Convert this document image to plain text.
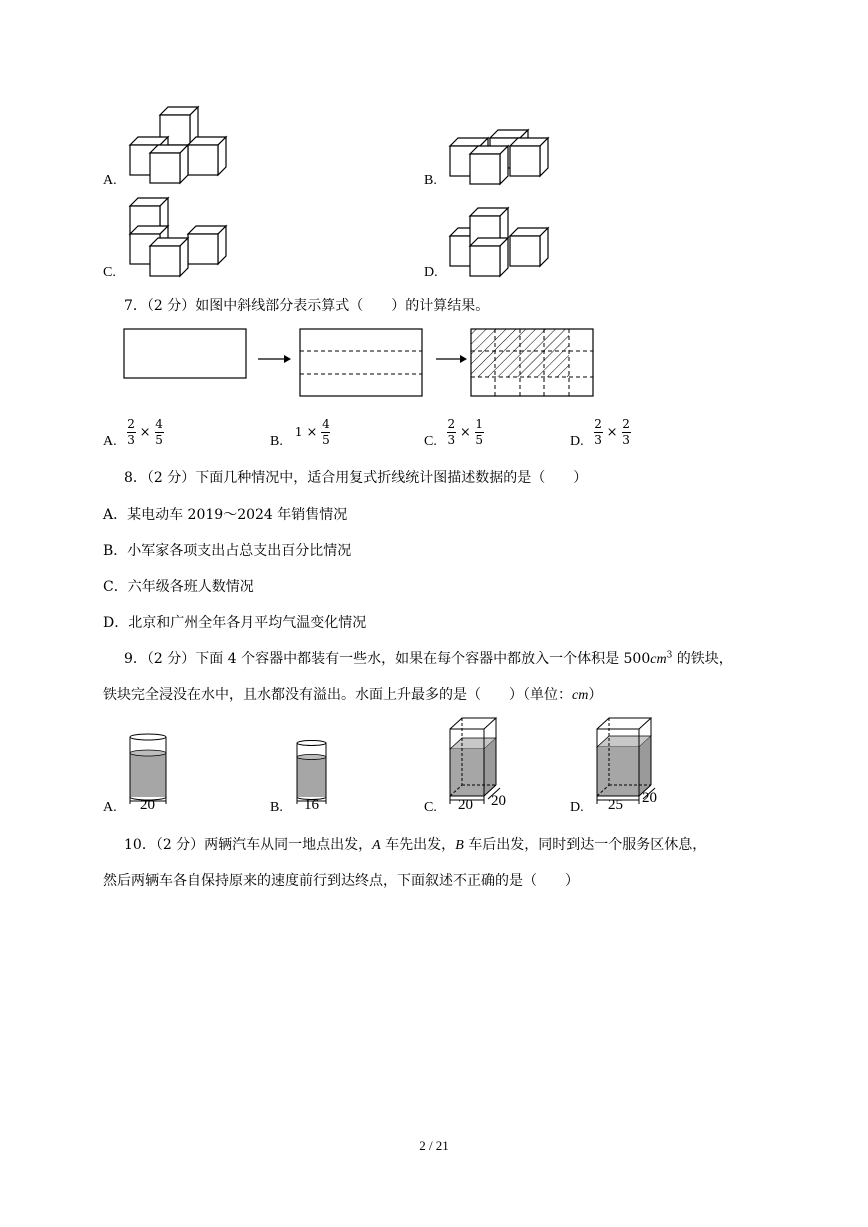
A.	B.
C.	D.
7．（2 分）如图中斜线部分表示算式（　　）的计算结果。
A. $\frac{2}{3} \times \frac{4}{5}$	B.
$1 \times \frac{4}{5}$	C. $\frac{2}{3} \times \frac{1}{5}$	D. $\frac{2}{3} \times \frac{2}{3}$
8．（2 分）下面几种情况中，适合用复式折线统计图描述数据的是（　　）
A．某电动车 2019～2024 年销售情况
B．小军家各项支出占总支出百分比情况
C．六年级各班人数情况
D．北京和广州全年各月平均气温变化情况
9．（2 分）下面 4 个容器中都装有一些水，如果在每个容器中都放入一个体积是 $500cm^3$ 的铁块，
铁块完全浸没在水中，且水都没有溢出。水面上升最多的是（　　）（单位：cm）
A.	B.	C.	D.
20	16	20 20	25 20
10．（2 分）两辆汽车从同一地点出发，A 车先出发，B 车后出发，同时到达一个服务区休息，
然后两辆车各自保持原来的速度前行到达终点，下面叙述不正确的是（　　）
2 / 21
